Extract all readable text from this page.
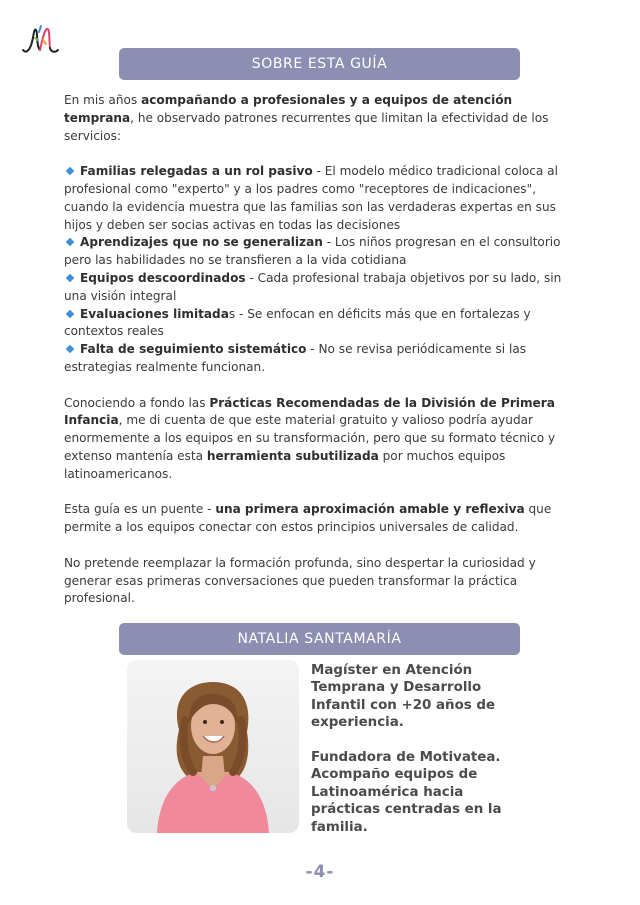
SOBRE ESTA GUÍA

En mis años acompañando a profesionales y a equipos de atención temprana, he observado patrones recurrentes que limitan la efectividad de los servicios:

Familias relegadas a un rol pasivo - El modelo médico tradicional coloca al profesional como "experto" y a los padres como "receptores de indicaciones", cuando la evidencia muestra que las familias son las verdaderas expertas en sus hijos y deben ser socias activas en todas las decisiones
Aprendizajes que no se generalizan - Los niños progresan en el consultorio pero las habilidades no se transfieren a la vida cotidiana
Equipos descoordinados - Cada profesional trabaja objetivos por su lado, sin una visión integral
Evaluaciones limitadas - Se enfocan en déficits más que en fortalezas y contextos reales
Falta de seguimiento sistemático - No se revisa periódicamente si las estrategias realmente funcionan.

Conociendo a fondo las Prácticas Recomendadas de la División de Primera Infancia, me di cuenta de que este material gratuito y valioso podría ayudar enormemente a los equipos en su transformación, pero que su formato técnico y extenso mantenía esta herramienta subutilizada por muchos equipos latinoamericanos.

Esta guía es un puente - una primera aproximación amable y reflexiva que permite a los equipos conectar con estos principios universales de calidad.

No pretende reemplazar la formación profunda, sino despertar la curiosidad y generar esas primeras conversaciones que pueden transformar la práctica profesional.

NATALIA SANTAMARÍA

Magíster en Atención Temprana y Desarrollo Infantil con +20 años de experiencia.

Fundadora de Motivatea. Acompaño equipos de Latinoamérica hacia prácticas centradas en la familia.

-4-
